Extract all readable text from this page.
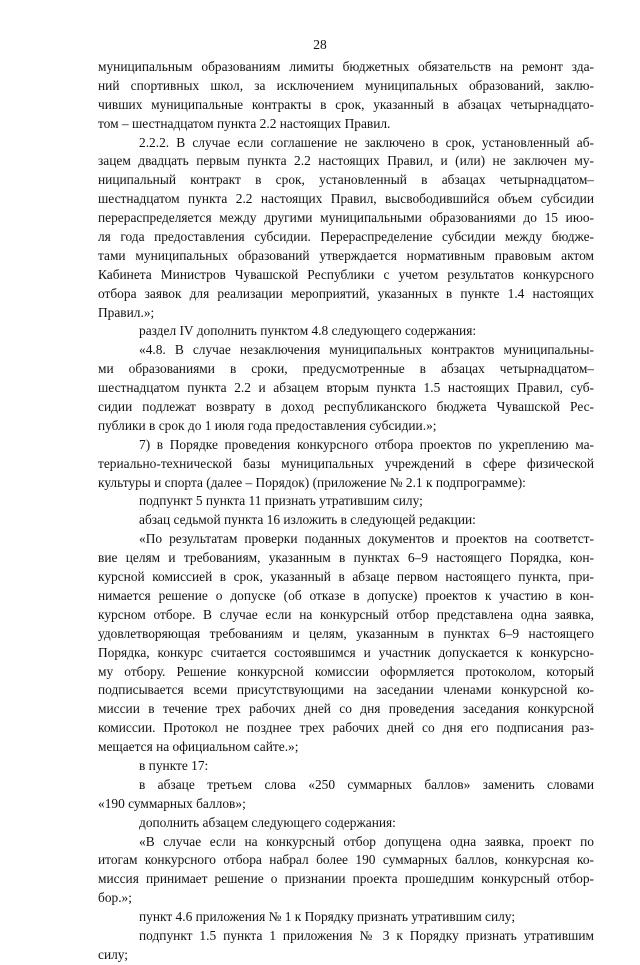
28
муниципальным образованиям лимиты бюджетных обязательств на ремонт зда-
ний спортивных школ, за исключением муниципальных образований, заклю-
чивших муниципальные контракты в срок, указанный в абзацах четырнадцато-
том – шестнадцатом пункта 2.2 настоящих Правил.
2.2.2. В случае если соглашение не заключено в срок, установленный аб-
зацем двадцать первым пункта 2.2 настоящих Правил, и (или) не заключен му-
ниципальный контракт в срок, установленный в абзацах четырнадцатом–
шестнадцатом пункта 2.2 настоящих Правил, высвободившийся объем субсидии
перераспределяется между другими муниципальными образованиями до 15 июо-
ля года предоставления субсидии. Перераспределение субсидии между бюдже-
тами муниципальных образований утверждается нормативным правовым актом
Кабинета Министров Чувашской Республики с учетом результатов конкурсного
отбора заявок для реализации мероприятий, указанных в пункте 1.4 настоящих
Правил.»;
раздел IV дополнить пунктом 4.8 следующего содержания:
«4.8. В случае незаключения муниципальных контрактов муниципальны-
ми образованиями в сроки, предусмотренные в абзацах четырнадцатом–
шестнадцатом пункта 2.2 и абзацем вторым пункта 1.5 настоящих Правил, суб-
сидии подлежат возврату в доход республиканского бюджета Чувашской Рес-
публики в срок до 1 июля года предоставления субсидии.»;
7) в Порядке проведения конкурсного отбора проектов по укреплению ма-
териально-технической базы муниципальных учреждений в сфере физической
культуры и спорта (далее – Порядок) (приложение № 2.1 к подпрограмме):
подпункт 5 пункта 11 признать утратившим силу;
абзац седьмой пункта 16 изложить в следующей редакции:
«По результатам проверки поданных документов и проектов на соответст-
вие целям и требованиям, указанным в пунктах 6–9 настоящего Порядка, кон-
курсной комиссией в срок, указанный в абзаце первом настоящего пункта, при-
нимается решение о допуске (об отказе в допуске) проектов к участию в кон-
курсном отборе. В случае если на конкурсный отбор представлена одна заявка,
удовлетворяющая требованиям и целям, указанным в пунктах 6–9 настоящего
Порядка, конкурс считается состоявшимся и участник допускается к конкурсно-
му отбору. Решение конкурсной комиссии оформляется протоколом, который
подписывается всеми присутствующими на заседании членами конкурсной ко-
миссии в течение трех рабочих дней со дня проведения заседания конкурсной
комиссии. Протокол не позднее трех рабочих дней со дня его подписания раз-
мещается на официальном сайте.»;
в пункте 17:
в абзаце третьем слова «250 суммарных баллов» заменить словами
«190 суммарных баллов»;
дополнить абзацем следующего содержания:
«В случае если на конкурсный отбор допущена одна заявка, проект по
итогам конкурсного отбора набрал более 190 суммарных баллов, конкурсная ко-
миссия принимает решение о признании проекта прошедшим конкурсный отбор-
бор.»;
пункт 4.6 приложения № 1 к Порядку признать утратившим силу;
подпункт 1.5 пункта 1 приложения № 3 к Порядку признать утратившим
силу;
